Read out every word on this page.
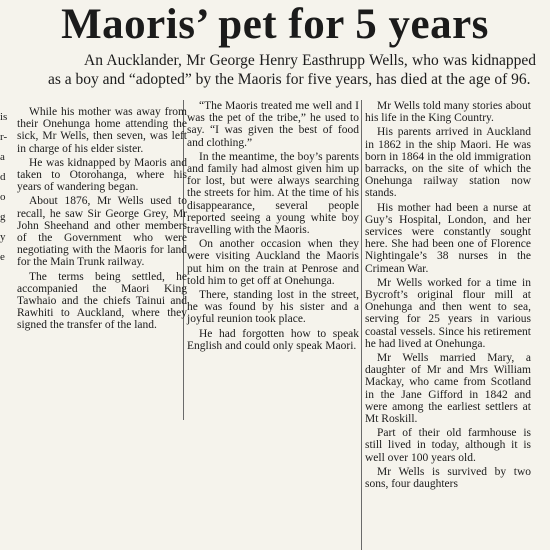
Maoris’ pet for 5 years
An Aucklander, Mr George Henry Easthrupp Wells, who was kidnapped as a boy and “adopted” by the Maoris for five years, has died at the age of 96.
is
r-
a
d
o
g
y
e

While his mother was away from their Onehunga home attending the sick, Mr Wells, then seven, was left in charge of his elder sister.

He was kidnapped by Maoris and taken to Otorohanga, where his years of wandering began.

About 1876, Mr Wells used to recall, he saw Sir George Grey, Mr John Sheehand and other members of the Government who were negotiating with the Maoris for land for the Main Trunk railway.

The terms being settled, he accompanied the Maori King Tawhaio and the chiefs Tainui and Rawhiti to Auckland, where they signed the transfer of the land.

“The Maoris treated me well and I was the pet of the tribe,” he used to say. “I was given the best of food and clothing.”

In the meantime, the boy’s parents and family had almost given him up for lost, but were always searching the streets for him. At the time of his disappearance, several people reported seeing a young white boy travelling with the Maoris.

On another occasion when they were visiting Auckland the Maoris put him on the train at Penrose and told him to get off at Onehunga.

There, standing lost in the street, he was found by his sister and a joyful reunion took place.

He had forgotten how to speak English and could only speak Maori.

Mr Wells told many stories about his life in the King Country.

His parents arrived in Auckland in 1862 in the ship Maori. He was born in 1864 in the old immigration barracks, on the site of which the Onehunga railway station now stands.

His mother had been a nurse at Guy’s Hospital, London, and her services were constantly sought here. She had been one of Florence Nightingale’s 38 nurses in the Crimean War.

Mr Wells worked for a time in Bycroft’s original flour mill at Onehunga and then went to sea, serving for 25 years in various coastal vessels. Since his retirement he had lived at Onehunga.

Mr Wells married Mary, a daughter of Mr and Mrs William Mackay, who came from Scotland in the Jane Gifford in 1842 and were among the earliest settlers at Mt Roskill.

Part of their old farmhouse is still lived in today, although it is well over 100 years old.

Mr Wells is survived by two sons, four daughters
